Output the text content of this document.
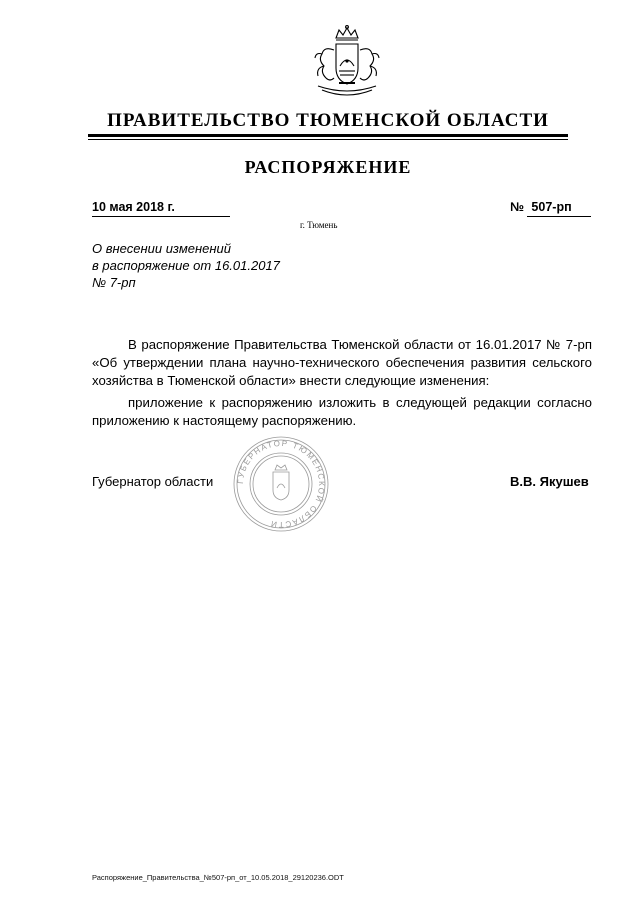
ПРАВИТЕЛЬСТВО ТЮМЕНСКОЙ ОБЛАСТИ
РАСПОРЯЖЕНИЕ
10 мая 2018 г.	№ 507-рп
г. Тюмень
О внесении изменений
в распоряжение от 16.01.2017
№ 7-рп

В распоряжение Правительства Тюменской области от 16.01.2017 № 7-рп «Об утверждении плана научно-технического обеспечения развития сельского хозяйства в Тюменской области» внести следующие изменения:

приложение к распоряжению изложить в следующей редакции согласно приложению к настоящему распоряжению.

Губернатор области	ГУБЕРНАТОР ТЮМЕНСКОЙ ОБЛАСТИ
В.В. Якушев
Распоряжение_Правительства_№507-рп_от_10.05.2018_29120236.ODT
